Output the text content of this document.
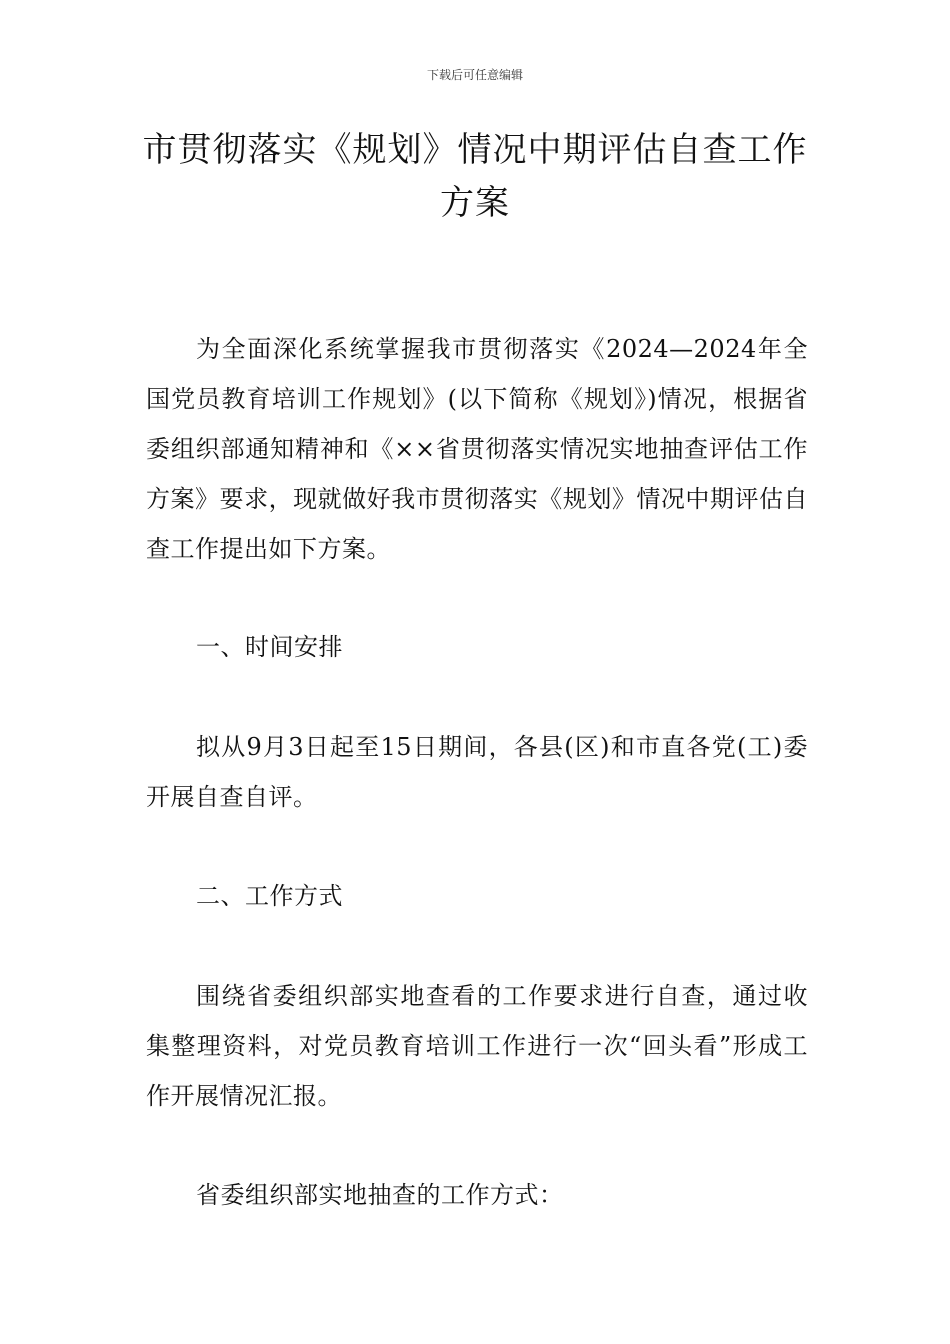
下载后可任意编辑
市贯彻落实《规划》情况中期评估自查工作方案

为全面深化系统掌握我市贯彻落实《2024—2024年全国党员教育培训工作规划》(以下简称《规划》)情况，根据省委组织部通知精神和《××省贯彻落实情况实地抽查评估工作方案》要求，现就做好我市贯彻落实《规划》情况中期评估自查工作提出如下方案。

一、时间安排

拟从9月3日起至15日期间，各县(区)和市直各党(工)委开展自查自评。

二、工作方式

围绕省委组织部实地查看的工作要求进行自查，通过收集整理资料，对党员教育培训工作进行一次“回头看”形成工作开展情况汇报。

省委组织部实地抽查的工作方式：
